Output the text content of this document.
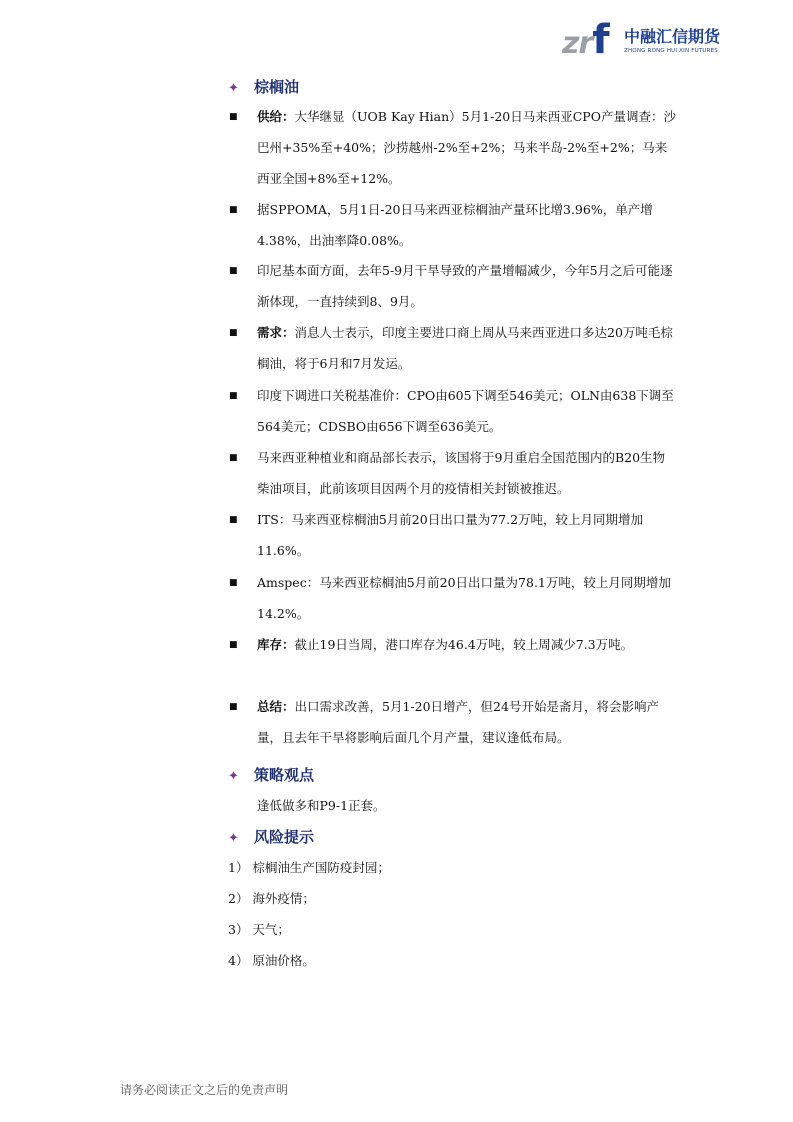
zrf 中融汇信期货
ZHONG RONG HUI XIN FUTURES
✦ 棕榈油
■ 供给：大华继显（UOB Kay Hian）5月1-20日马来西亚CPO产量调查：沙巴州+35%至+40%；沙捞越州-2%至+2%；马来半岛-2%至+2%；马来西亚全国+8%至+12%。
■ 据SPPOMA，5月1日-20日马来西亚棕榈油产量环比增3.96%，单产增4.38%，出油率降0.08%。
■ 印尼基本面方面，去年5-9月干旱导致的产量增幅减少，今年5月之后可能逐渐体现，一直持续到8、9月。
■ 需求：消息人士表示，印度主要进口商上周从马来西亚进口多达20万吨毛棕榈油，将于6月和7月发运。
■ 印度下调进口关税基准价：CPO由605下调至546美元；OLN由638下调至564美元；CDSBO由656下调至636美元。
■ 马来西亚种植业和商品部长表示，该国将于9月重启全国范围内的B20生物柴油项目，此前该项目因两个月的疫情相关封锁被推迟。
■ ITS：马来西亚棕榈油5月前20日出口量为77.2万吨，较上月同期增加11.6%。
■ Amspec：马来西亚棕榈油5月前20日出口量为78.1万吨，较上月同期增加14.2%。
■ 库存：截止19日当周，港口库存为46.4万吨，较上周减少7.3万吨。
■ 总结：出口需求改善，5月1-20日增产，但24号开始是斋月，将会影响产量，且去年干旱将影响后面几个月产量，建议逢低布局。
✦ 策略观点
逢低做多和P9-1正套。
✦ 风险提示
1） 棕榈油生产国防疫封园；
2） 海外疫情；
3） 天气；
4） 原油价格。
请务必阅读正文之后的免责声明
